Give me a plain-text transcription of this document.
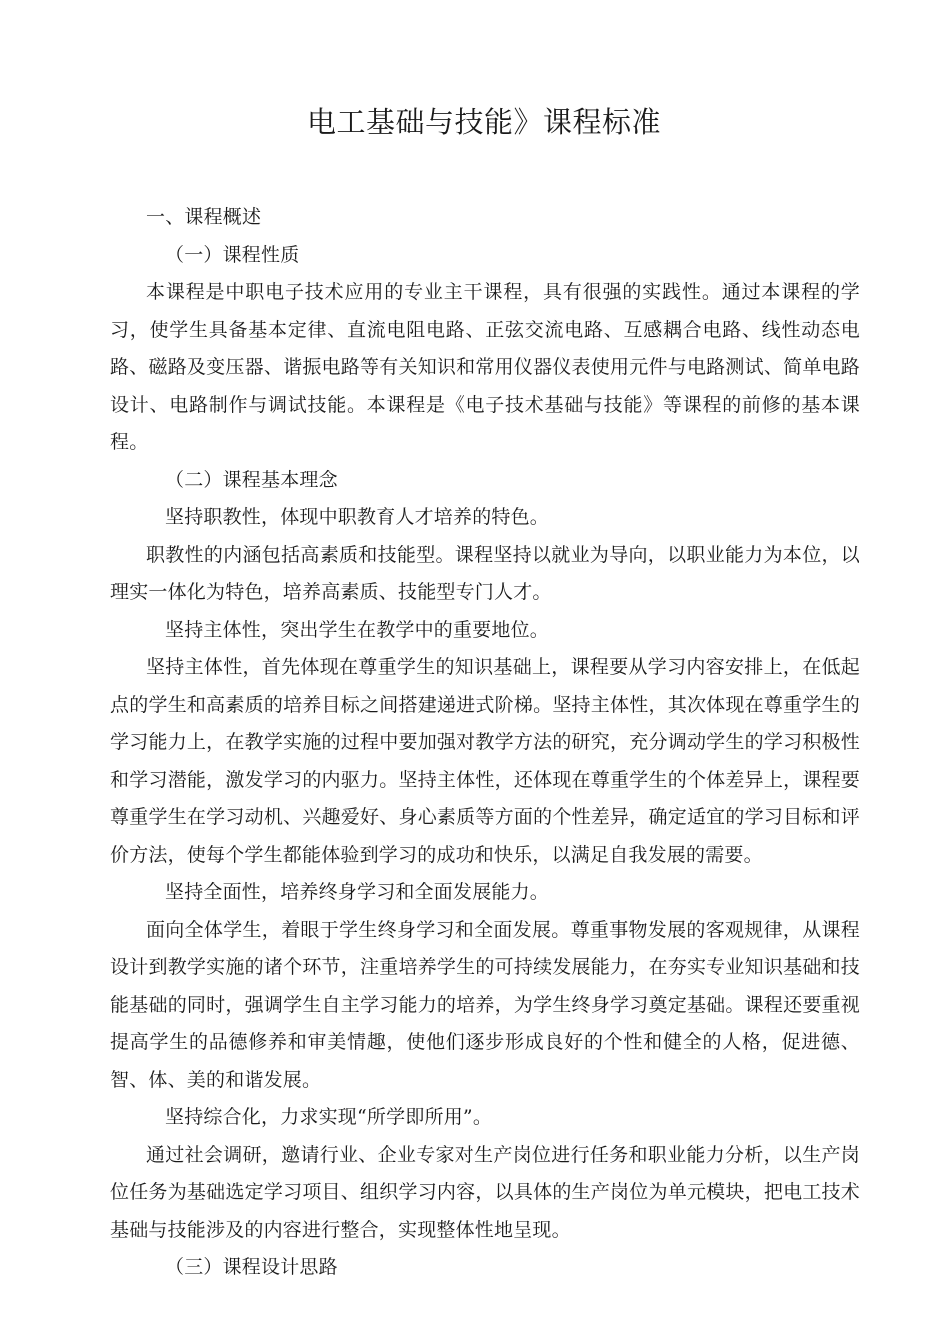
电工基础与技能》课程标准

一、课程概述

（一）课程性质

本课程是中职电子技术应用的专业主干课程，具有很强的实践性。通过本课程的学习，使学生具备基本定律、直流电阻电路、正弦交流电路、互感耦合电路、线性动态电路、磁路及变压器、谐振电路等有关知识和常用仪器仪表使用元件与电路测试、简单电路设计、电路制作与调试技能。本课程是《电子技术基础与技能》等课程的前修的基本课程。

（二）课程基本理念

坚持职教性，体现中职教育人才培养的特色。

职教性的内涵包括高素质和技能型。课程坚持以就业为导向，以职业能力为本位，以理实一体化为特色，培养高素质、技能型专门人才。

坚持主体性，突出学生在教学中的重要地位。

坚持主体性，首先体现在尊重学生的知识基础上，课程要从学习内容安排上，在低起点的学生和高素质的培养目标之间搭建递进式阶梯。坚持主体性，其次体现在尊重学生的学习能力上，在教学实施的过程中要加强对教学方法的研究，充分调动学生的学习积极性和学习潜能，激发学习的内驱力。坚持主体性，还体现在尊重学生的个体差异上，课程要尊重学生在学习动机、兴趣爱好、身心素质等方面的个性差异，确定适宜的学习目标和评价方法，使每个学生都能体验到学习的成功和快乐，以满足自我发展的需要。

坚持全面性，培养终身学习和全面发展能力。

面向全体学生，着眼于学生终身学习和全面发展。尊重事物发展的客观规律，从课程设计到教学实施的诸个环节，注重培养学生的可持续发展能力，在夯实专业知识基础和技能基础的同时，强调学生自主学习能力的培养，为学生终身学习奠定基础。课程还要重视提高学生的品德修养和审美情趣，使他们逐步形成良好的个性和健全的人格，促进德、智、体、美的和谐发展。

坚持综合化，力求实现“所学即所用”。

通过社会调研，邀请行业、企业专家对生产岗位进行任务和职业能力分析，以生产岗位任务为基础选定学习项目、组织学习内容，以具体的生产岗位为单元模块，把电工技术基础与技能涉及的内容进行整合，实现整体性地呈现。

（三）课程设计思路
